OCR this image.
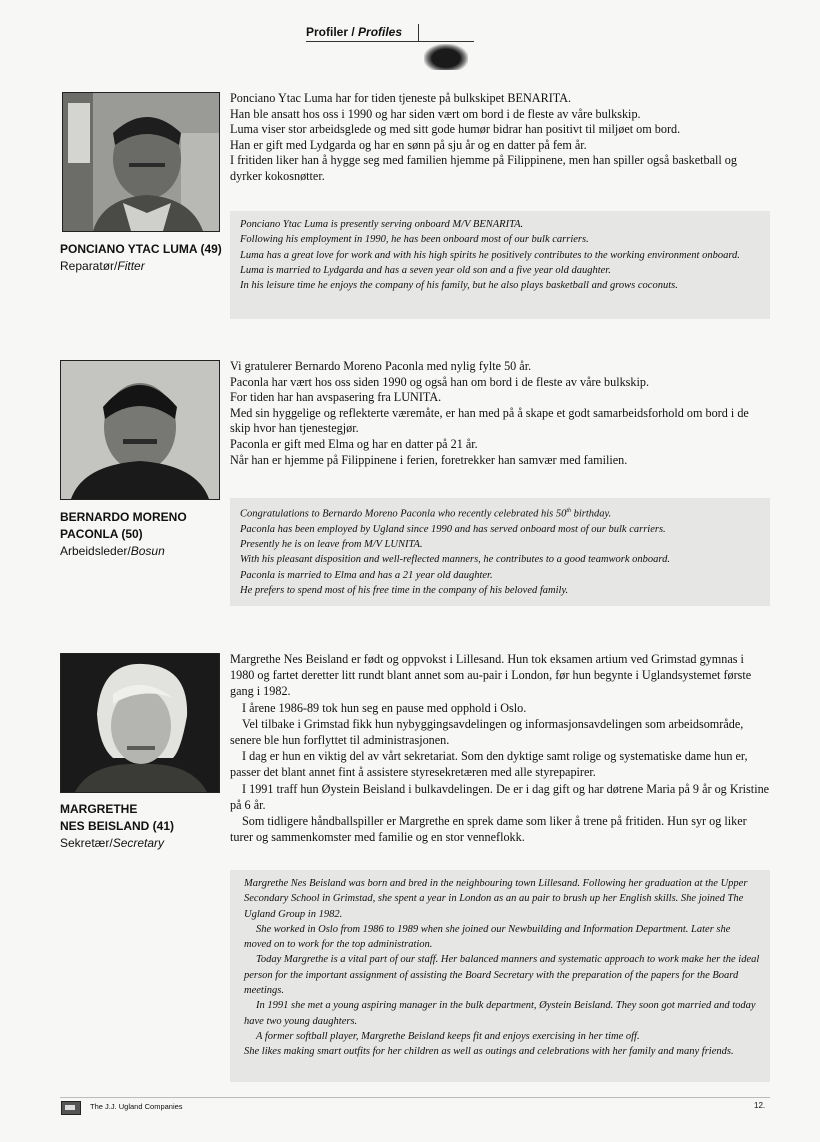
Profiler / Profiles
PONCIANO YTAC LUMA (49)
Reparatør/Fitter

Ponciano Ytac Luma har for tiden tjeneste på bulkskipet BENARITA.

Han ble ansatt hos oss i 1990 og har siden vært om bord i de fleste av våre bulkskip.

Luma viser stor arbeidsglede og med sitt gode humør bidrar han positivt til miljøet om bord.

Han er gift med Lydgarda og har en sønn på sju år og en datter på fem år.

I fritiden liker han å hygge seg med familien hjemme på Filippinene, men han spiller også basketball og dyrker kokosnøtter.

Ponciano Ytac Luma is presently serving onboard M/V BENARITA.

Following his employment in 1990, he has been onboard most of our bulk carriers.

Luma has a great love for work and with his high spirits he positively contributes to the working environment onboard.

Luma is married to Lydgarda and has a seven year old son and a five year old daughter.

In his leisure time he enjoys the company of his family, but he also plays basketball and grows coconuts.

BERNARDO MORENO
PACONLA (50)
Arbeidsleder/Bosun

Vi gratulerer Bernardo Moreno Paconla med nylig fylte 50 år.

Paconla har vært hos oss siden 1990 og også han om bord i de fleste av våre bulkskip.

For tiden har han avspasering fra LUNITA.

Med sin hyggelige og reflekterte væremåte, er han med på å skape et godt samarbeidsforhold om bord i de skip hvor han tjenestegjør.

Paconla er gift med Elma og har en datter på 21 år.

Når han er hjemme på Filippinene i ferien, foretrekker han samvær med familien.

Congratulations to Bernardo Moreno Paconla who recently celebrated his 50th birthday.

Paconla has been employed by Ugland since 1990 and has served onboard most of our bulk carriers.

Presently he is on leave from M/V LUNITA.

With his pleasant disposition and well-reflected manners, he contributes to a good teamwork onboard.

Paconla is married to Elma and has a 21 year old daughter.

He prefers to spend most of his free time in the company of his beloved family.

MARGRETHE
NES BEISLAND (41)
Sekretær/Secretary

Margrethe Nes Beisland er født og oppvokst i Lillesand. Hun tok eksamen artium ved Grimstad gymnas i 1980 og fartet deretter litt rundt blant annet som au-pair i London, før hun begynte i Uglandsystemet første gang i 1982.

I årene 1986-89 tok hun seg en pause med opphold i Oslo.

Vel tilbake i Grimstad fikk hun nybyggingsavdelingen og informasjonsavdelingen som arbeidsområde, senere ble hun forflyttet til administrasjonen.

I dag er hun en viktig del av vårt sekretariat. Som den dyktige samt rolige og systematiske dame hun er, passer det blant annet fint å assistere styresekretæren med alle styrepapirer.

I 1991 traff hun Øystein Beisland i bulkavdelingen. De er i dag gift og har døtrene Maria på 9 år og Kristine på 6 år.

Som tidligere håndballspiller er Margrethe en sprek dame som liker å trene på fritiden. Hun syr og liker turer og sammenkomster med familie og en stor venneflokk.

Margrethe Nes Beisland was born and bred in the neighbouring town Lillesand. Following her graduation at the Upper Secondary School in Grimstad, she spent a year in London as an au pair to brush up her English skills. She joined The Ugland Group in 1982.

She worked in Oslo from 1986 to 1989 when she joined our Newbuilding and Information Department. Later she moved on to work for the top administration.

Today Margrethe is a vital part of our staff. Her balanced manners and systematic approach to work make her the ideal person for the important assignment of assisting the Board Secretary with the preparation of the papers for the Board meetings.

In 1991 she met a young aspiring manager in the bulk department, Øystein Beisland. They soon got married and today have two young daughters.

A former softball player, Margrethe Beisland keeps fit and enjoys exercising in her time off.

She likes making smart outfits for her children as well as outings and celebrations with her family and many friends.

The J.J. Ugland Companies	12.
